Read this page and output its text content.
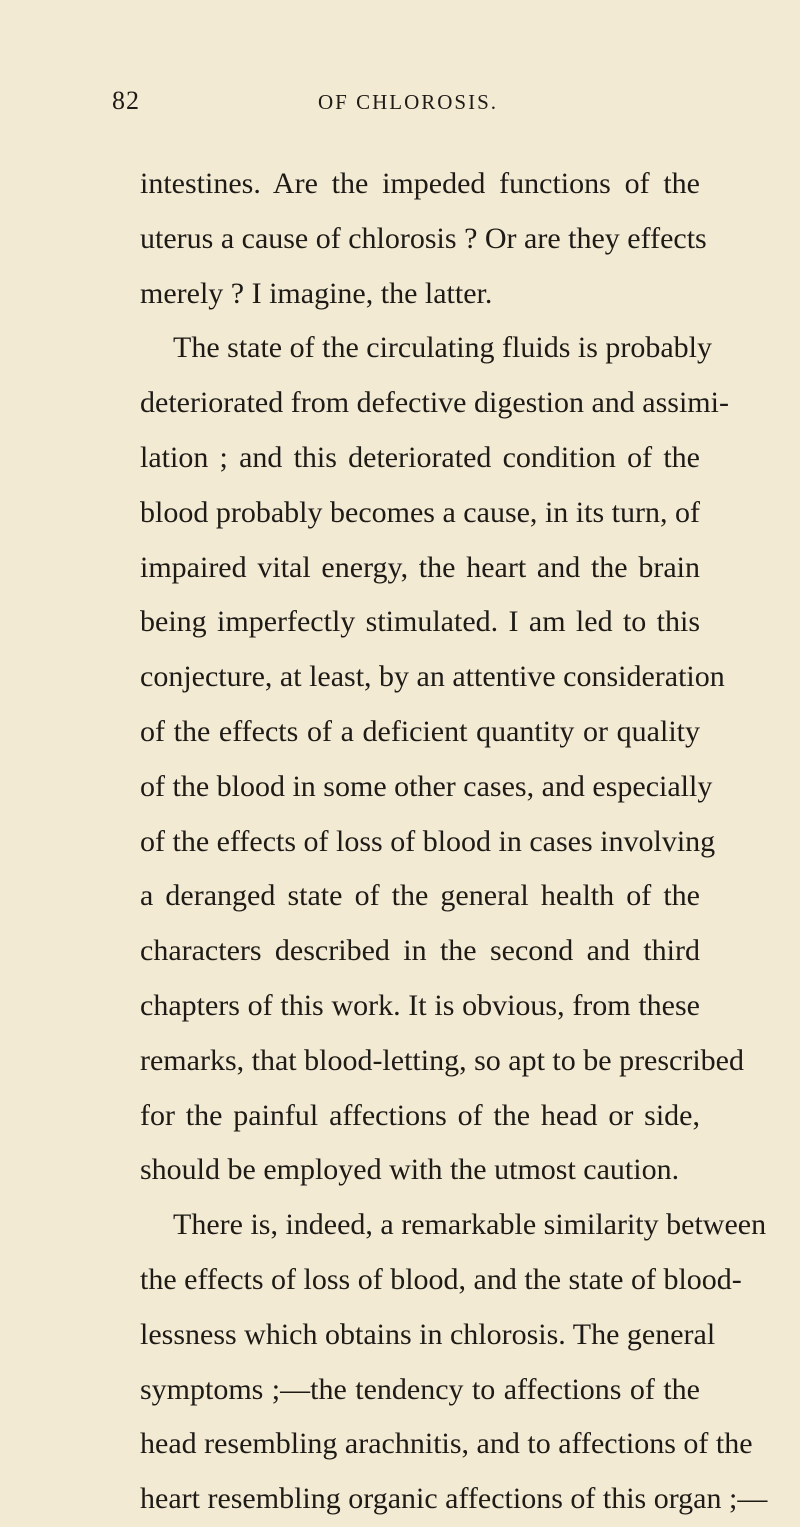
82	OF CHLOROSIS.
intestines. Are the impeded functions of the
uterus a cause of chlorosis ? Or are they effects
merely ? I imagine, the latter.
The state of the circulating fluids is probably
deteriorated from defective digestion and assimi-
lation ; and this deteriorated condition of the
blood probably becomes a cause, in its turn, of
impaired vital energy, the heart and the brain
being imperfectly stimulated. I am led to this
conjecture, at least, by an attentive consideration
of the effects of a deficient quantity or quality
of the blood in some other cases, and especially
of the effects of loss of blood in cases involving
a deranged state of the general health of the
characters described in the second and third
chapters of this work. It is obvious, from these
remarks, that blood-letting, so apt to be prescribed
for the painful affections of the head or side,
should be employed with the utmost caution.
There is, indeed, a remarkable similarity between
the effects of loss of blood, and the state of blood-
lessness which obtains in chlorosis. The general
symptoms ;—the tendency to affections of the
head resembling arachnitis, and to affections of the
heart resembling organic affections of this organ ;—
